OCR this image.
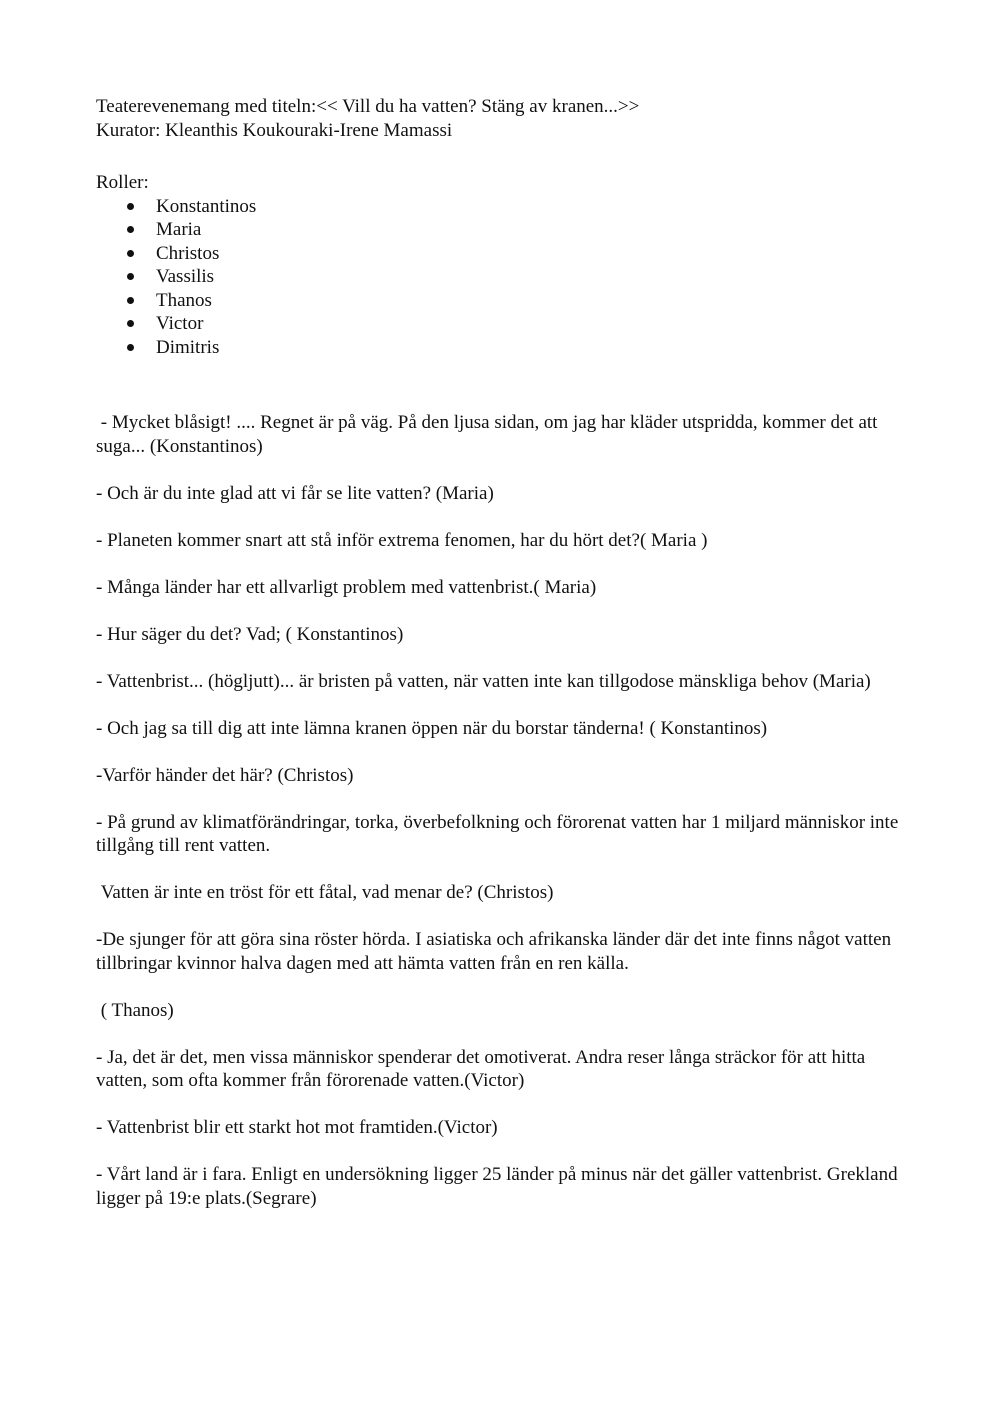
Teaterevenemang med titeln:<< Vill du ha vatten? Stäng av kranen...>>

Kurator: Kleanthis Koukouraki-Irene Mamassi

Roller:

Konstantinos
Maria
Christos
Vassilis
Thanos
Victor
Dimitris

- Mycket blåsigt! .... Regnet är på väg. På den ljusa sidan, om jag har kläder utspridda, kommer det att suga... (Konstantinos)

- Och är du inte glad att vi får se lite vatten? (Maria)

- Planeten kommer snart att stå inför extrema fenomen, har du hört det?( Maria )

- Många länder har ett allvarligt problem med vattenbrist.( Maria)

- Hur säger du det? Vad; ( Konstantinos)

- Vattenbrist... (högljutt)... är bristen på vatten, när vatten inte kan tillgodose mänskliga behov (Maria)

- Och jag sa till dig att inte lämna kranen öppen när du borstar tänderna! ( Konstantinos)

-Varför händer det här? (Christos)

- På grund av klimatförändringar, torka, överbefolkning och förorenat vatten har 1 miljard människor inte tillgång till rent vatten.

Vatten är inte en tröst för ett fåtal, vad menar de? (Christos)

-De sjunger för att göra sina röster hörda. I asiatiska och afrikanska länder där det inte finns något vatten tillbringar kvinnor halva dagen med att hämta vatten från en ren källa.

( Thanos)

- Ja, det är det, men vissa människor spenderar det omotiverat. Andra reser långa sträckor för att hitta vatten, som ofta kommer från förorenade vatten.(Victor)

- Vattenbrist blir ett starkt hot mot framtiden.(Victor)

- Vårt land är i fara. Enligt en undersökning ligger 25 länder på minus när det gäller vattenbrist. Grekland ligger på 19:e plats.(Segrare)
